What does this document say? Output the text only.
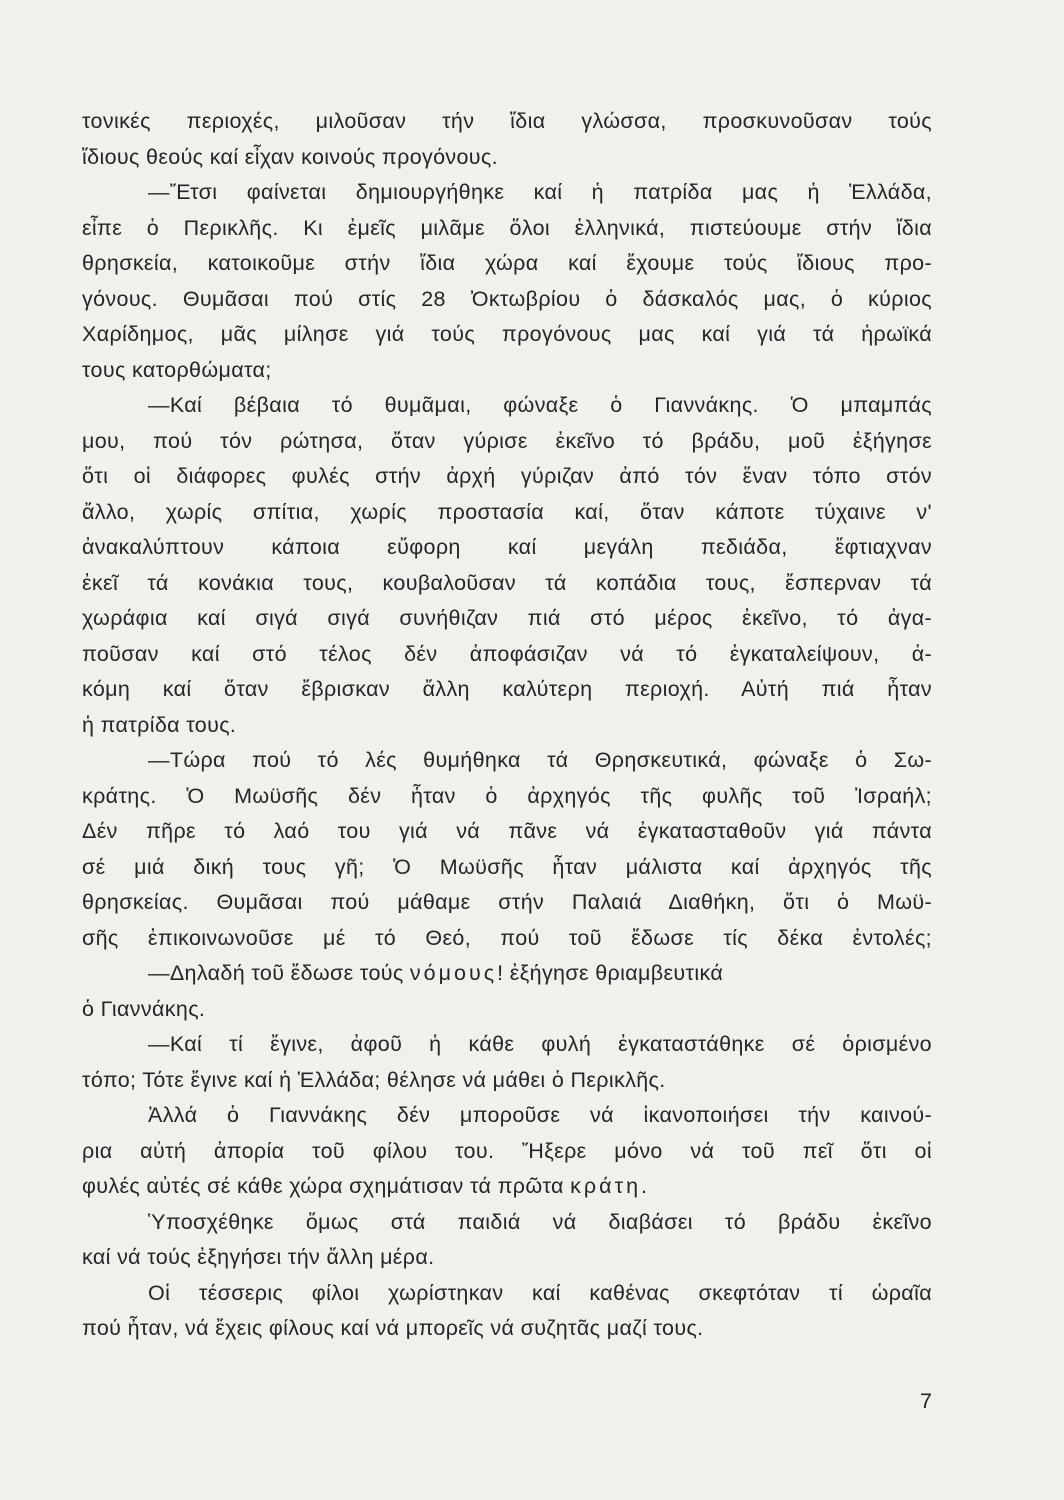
τονικές περιοχές, μιλοῦσαν τήν ἴδια γλώσσα, προσκυνοῦσαν τούς
ἴδιους θεούς καί εἶχαν κοινούς προγόνους.
—Ἔτσι φαίνεται δημιουργήθηκε καί ἡ πατρίδα μας ἡ Ἑλλάδα,
εἶπε ὁ Περικλῆς. Κι ἐμεῖς μιλᾶμε ὅλοι ἑλληνικά, πιστεύουμε στήν ἴδια
θρησκεία, κατοικοῦμε στήν ἴδια χώρα καί ἔχουμε τούς ἴδιους προ-
γόνους. Θυμᾶσαι πού στίς 28 Ὀκτωβρίου ὁ δάσκαλός μας, ὁ κύριος
Χαρίδημος, μᾶς μίλησε γιά τούς προγόνους μας καί γιά τά ἡρωϊκά
τους κατορθώματα;
—Καί βέβαια τό θυμᾶμαι, φώναξε ὁ Γιαννάκης. Ὁ μπαμπάς
μου, πού τόν ρώτησα, ὅταν γύρισε ἐκεῖνο τό βράδυ, μοῦ ἐξήγησε
ὅτι οἱ διάφορες φυλές στήν ἀρχή γύριζαν ἀπό τόν ἕναν τόπο στόν
ἄλλο, χωρίς σπίτια, χωρίς προστασία καί, ὅταν κάποτε τύχαινε ν'
ἀνακαλύπτουν κάποια εὔφορη καί μεγάλη πεδιάδα, ἔφτιαχναν
ἐκεῖ τά κονάκια τους, κουβαλοῦσαν τά κοπάδια τους, ἔσπερναν τά
χωράφια καί σιγά σιγά συνήθιζαν πιά στό μέρος ἐκεῖνο, τό ἀγα-
ποῦσαν καί στό τέλος δέν ἀποφάσιζαν νά τό ἐγκαταλείψουν, ἀ-
κόμη καί ὅταν ἔβρισκαν ἄλλη καλύτερη περιοχή. Αὐτή πιά ἦταν
ἡ πατρίδα τους.
—Τώρα πού τό λές θυμήθηκα τά Θρησκευτικά, φώναξε ὁ Σω-
κράτης. Ὁ Μωϋσῆς δέν ἦταν ὁ ἀρχηγός τῆς φυλῆς τοῦ Ἰσραήλ;
Δέν πῆρε τό λαό του γιά νά πᾶνε νά ἐγκατασταθοῦν γιά πάντα
σέ μιά δική τους γῆ; Ὁ Μωϋσῆς ἦταν μάλιστα καί ἀρχηγός τῆς
θρησκείας. Θυμᾶσαι πού μάθαμε στήν Παλαιά Διαθήκη, ὅτι ὁ Μωϋ-
σῆς ἐπικοινωνοῦσε μέ τό Θεό, πού τοῦ ἔδωσε τίς δέκα ἐντολές;
—Δηλαδή τοῦ ἔδωσε τούς νόμους! ἐξήγησε θριαμβευτικά
ὁ Γιαννάκης.
—Καί τί ἔγινε, ἀφοῦ ἡ κάθε φυλή ἐγκαταστάθηκε σέ ὁρισμένο
τόπο; Τότε ἔγινε καί ἡ Ἑλλάδα; θέλησε νά μάθει ὁ Περικλῆς.
Ἀλλά ὁ Γιαννάκης δέν μποροῦσε νά ἱκανοποιήσει τήν καινού-
ρια αὐτή ἀπορία τοῦ φίλου του. Ἤξερε μόνο νά τοῦ πεῖ ὅτι οἱ
φυλές αὐτές σέ κάθε χώρα σχημάτισαν τά πρῶτα κράτη.
Ὑποσχέθηκε ὅμως στά παιδιά νά διαβάσει τό βράδυ ἐκεῖνο
καί νά τούς ἐξηγήσει τήν ἄλλη μέρα.
Οἱ τέσσερις φίλοι χωρίστηκαν καί καθένας σκεφτόταν τί ὡραῖα
πού ἦταν, νά ἔχεις φίλους καί νά μπορεῖς νά συζητᾶς μαζί τους.
7
